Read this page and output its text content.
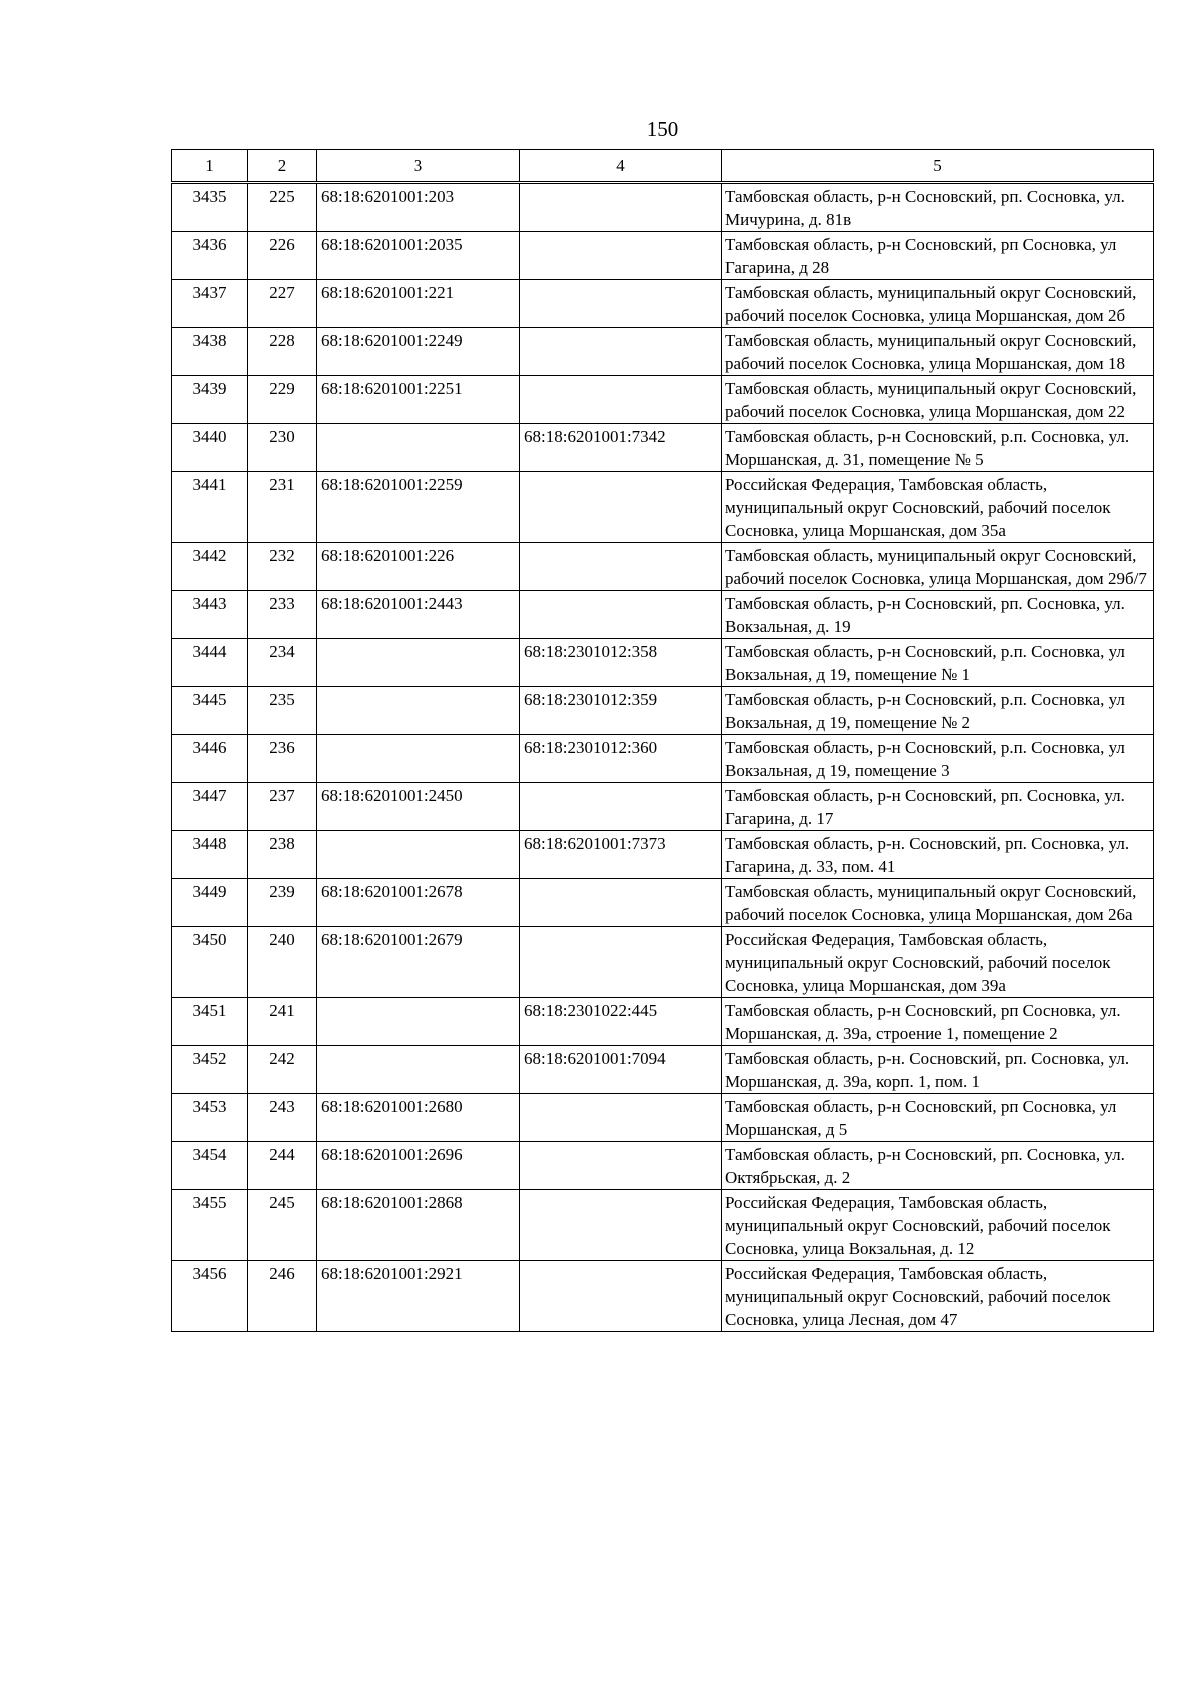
150
1	2	3	4	5
3435	225	68:18:6201001:203		Тамбовская область, р-н Сосновский, рп. Сосновка, ул. Мичурина, д. 81в
3436	226	68:18:6201001:2035		Тамбовская область, р-н Сосновский, рп Сосновка, ул Гагарина, д 28
3437	227	68:18:6201001:221		Тамбовская область, муниципальный округ Сосновский, рабочий поселок Сосновка, улица Моршанская, дом 2б
3438	228	68:18:6201001:2249		Тамбовская область, муниципальный округ Сосновский, рабочий поселок Сосновка, улица Моршанская, дом 18
3439	229	68:18:6201001:2251		Тамбовская область, муниципальный округ Сосновский, рабочий поселок Сосновка, улица Моршанская, дом 22
3440	230		68:18:6201001:7342	Тамбовская область, р-н Сосновский, р.п. Сосновка, ул. Моршанская, д. 31, помещение № 5
3441	231	68:18:6201001:2259		Российская Федерация, Тамбовская область, муниципальный округ Сосновский, рабочий поселок Сосновка, улица Моршанская, дом 35а
3442	232	68:18:6201001:226		Тамбовская область, муниципальный округ Сосновский, рабочий поселок Сосновка, улица Моршанская, дом 29б/7
3443	233	68:18:6201001:2443		Тамбовская область, р-н Сосновский, рп. Сосновка, ул. Вокзальная, д. 19
3444	234		68:18:2301012:358	Тамбовская область, р-н Сосновский, р.п. Сосновка, ул Вокзальная, д 19, помещение № 1
3445	235		68:18:2301012:359	Тамбовская область, р-н Сосновский, р.п. Сосновка, ул Вокзальная, д 19, помещение № 2
3446	236		68:18:2301012:360	Тамбовская область, р-н Сосновский, р.п. Сосновка, ул Вокзальная, д 19, помещение 3
3447	237	68:18:6201001:2450		Тамбовская область, р-н Сосновский, рп. Сосновка, ул. Гагарина, д. 17
3448	238		68:18:6201001:7373	Тамбовская область, р-н. Сосновский, рп. Сосновка, ул. Гагарина, д. 33, пом. 41
3449	239	68:18:6201001:2678		Тамбовская область, муниципальный округ Сосновский, рабочий поселок Сосновка, улица Моршанская, дом 26а
3450	240	68:18:6201001:2679		Российская Федерация, Тамбовская область, муниципальный округ Сосновский, рабочий поселок Сосновка, улица Моршанская, дом 39а
3451	241		68:18:2301022:445	Тамбовская область, р-н Сосновский, рп Сосновка, ул. Моршанская, д. 39а, строение 1, помещение 2
3452	242		68:18:6201001:7094	Тамбовская область, р-н. Сосновский, рп. Сосновка, ул. Моршанская, д. 39а, корп. 1, пом. 1
3453	243	68:18:6201001:2680		Тамбовская область, р-н Сосновский, рп Сосновка, ул Моршанская, д 5
3454	244	68:18:6201001:2696		Тамбовская область, р-н Сосновский, рп. Сосновка, ул. Октябрьская, д. 2
3455	245	68:18:6201001:2868		Российская Федерация, Тамбовская область, муниципальный округ Сосновский, рабочий поселок Сосновка, улица Вокзальная, д. 12
3456	246	68:18:6201001:2921		Российская Федерация, Тамбовская область, муниципальный округ Сосновский, рабочий поселок Сосновка, улица Лесная, дом 47
